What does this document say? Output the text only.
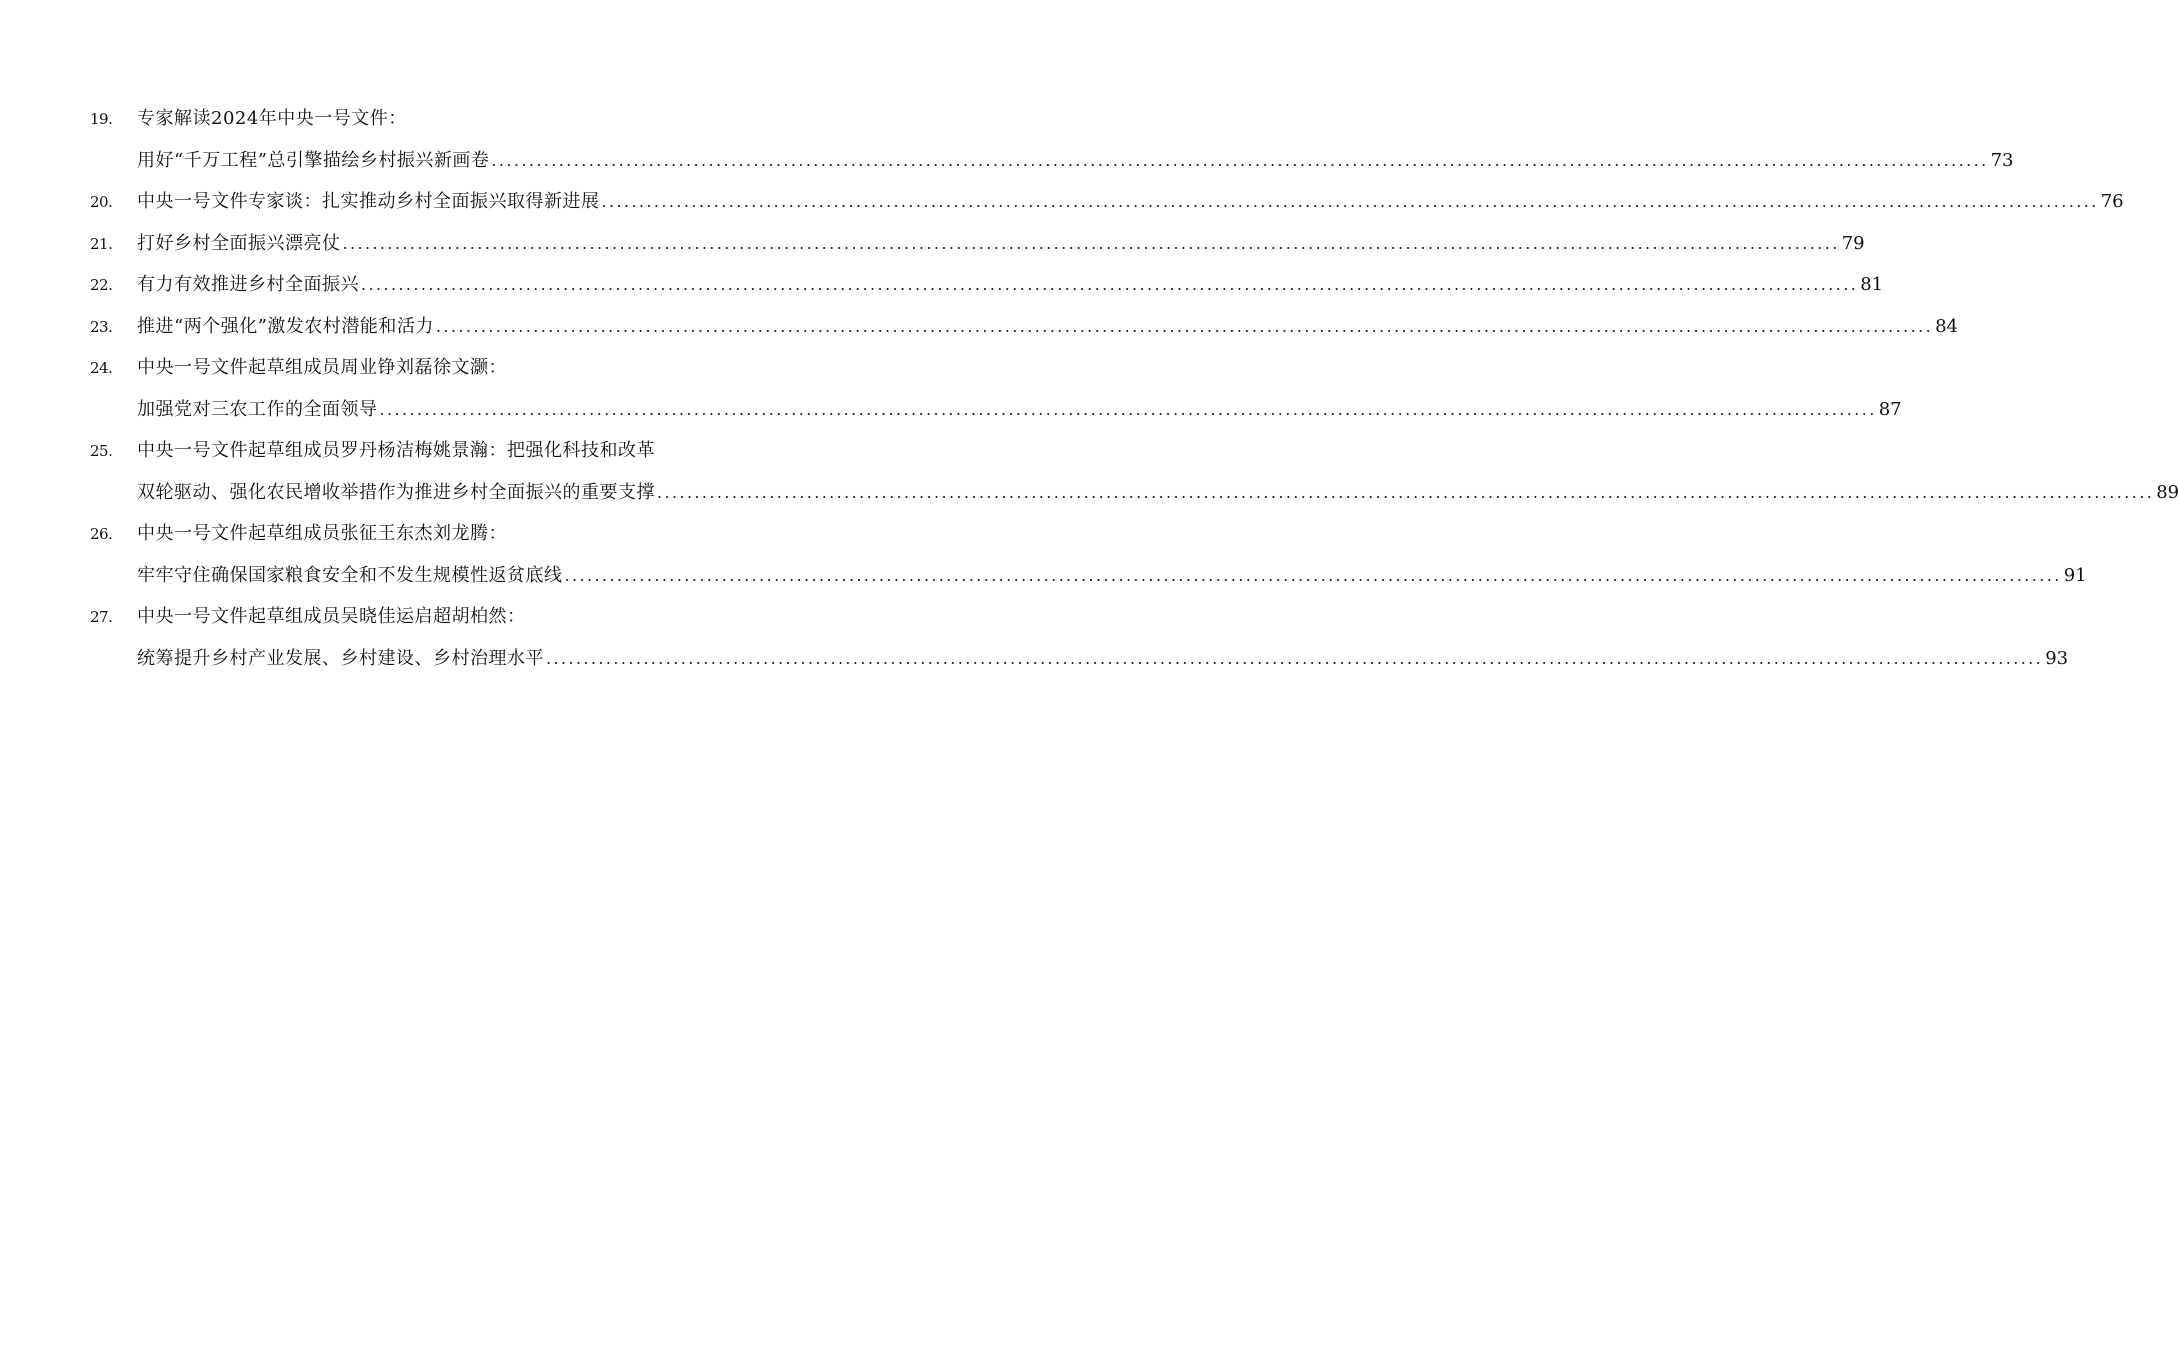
19.	专家解读2024年中央一号文件：
用好“千万工程”总引擎描绘乡村振兴新画卷 ........................................................................................................................................................................................................ 73
20.	中央一号文件专家谈：扎实推动乡村全面振兴取得新进展 ........................................................................................................................................................................................................ 76
21.	打好乡村全面振兴漂亮仗 ........................................................................................................................................................................................................ 79
22.	有力有效推进乡村全面振兴 ........................................................................................................................................................................................................ 81
23.	推进“两个强化”激发农村潜能和活力 ........................................................................................................................................................................................................ 84
24.	中央一号文件起草组成员周业铮刘磊徐文灏：
加强党对三农工作的全面领导 ........................................................................................................................................................................................................ 87
25.	中央一号文件起草组成员罗丹杨洁梅姚景瀚：把强化科技和改革
双轮驱动、强化农民增收举措作为推进乡村全面振兴的重要支撑 ........................................................................................................................................................................................................ 89
26.	中央一号文件起草组成员张征王东杰刘龙腾：
牢牢守住确保国家粮食安全和不发生规模性返贫底线 ........................................................................................................................................................................................................ 91
27.	中央一号文件起草组成员吴晓佳运启超胡柏然：
统筹提升乡村产业发展、乡村建设、乡村治理水平 ........................................................................................................................................................................................................ 93
